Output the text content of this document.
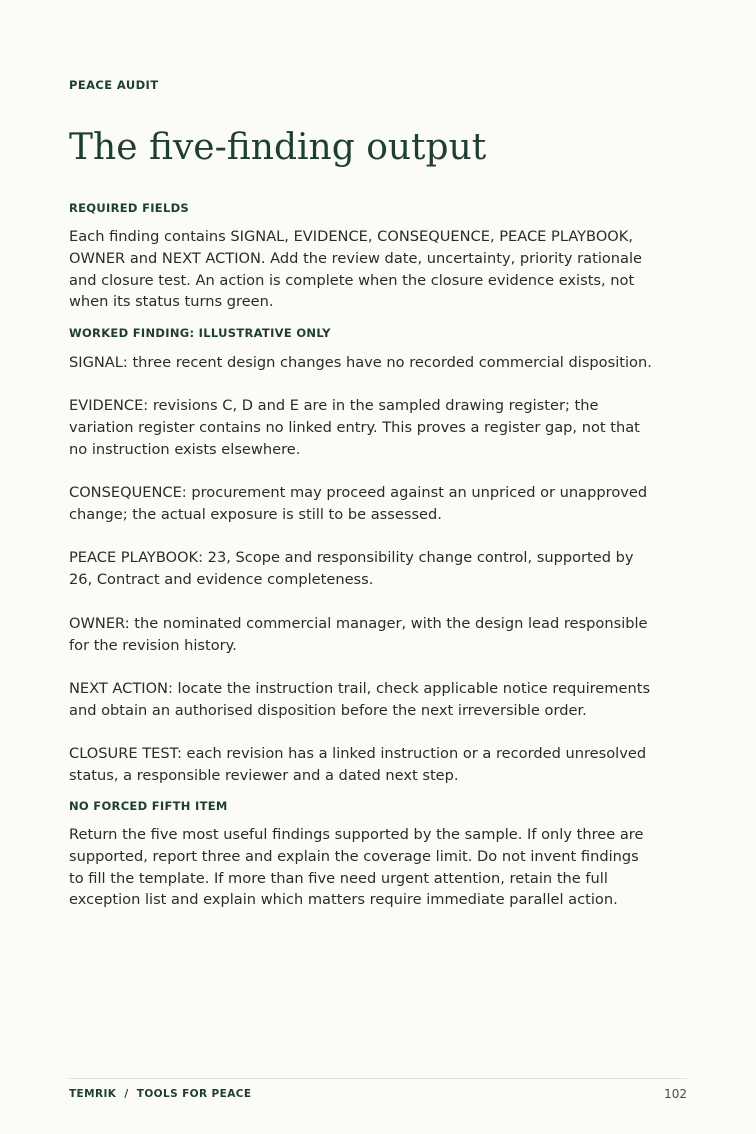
PEACE AUDIT
The five-finding output
REQUIRED FIELDS
Each finding contains SIGNAL, EVIDENCE, CONSEQUENCE, PEACE PLAYBOOK,
OWNER and NEXT ACTION. Add the review date, uncertainty, priority rationale
and closure test. An action is complete when the closure evidence exists, not
when its status turns green.
WORKED FINDING: ILLUSTRATIVE ONLY
SIGNAL: three recent design changes have no recorded commercial disposition.
EVIDENCE: revisions C, D and E are in the sampled drawing register; the
variation register contains no linked entry. This proves a register gap, not that
no instruction exists elsewhere.
CONSEQUENCE: procurement may proceed against an unpriced or unapproved
change; the actual exposure is still to be assessed.
PEACE PLAYBOOK: 23, Scope and responsibility change control, supported by
26, Contract and evidence completeness.
OWNER: the nominated commercial manager, with the design lead responsible
for the revision history.
NEXT ACTION: locate the instruction trail, check applicable notice requirements
and obtain an authorised disposition before the next irreversible order.
CLOSURE TEST: each revision has a linked instruction or a recorded unresolved
status, a responsible reviewer and a dated next step.
NO FORCED FIFTH ITEM
Return the five most useful findings supported by the sample. If only three are
supported, report three and explain the coverage limit. Do not invent findings
to fill the template. If more than five need urgent attention, retain the full
exception list and explain which matters require immediate parallel action.
TEMRIK  /  TOOLS FOR PEACE	102
